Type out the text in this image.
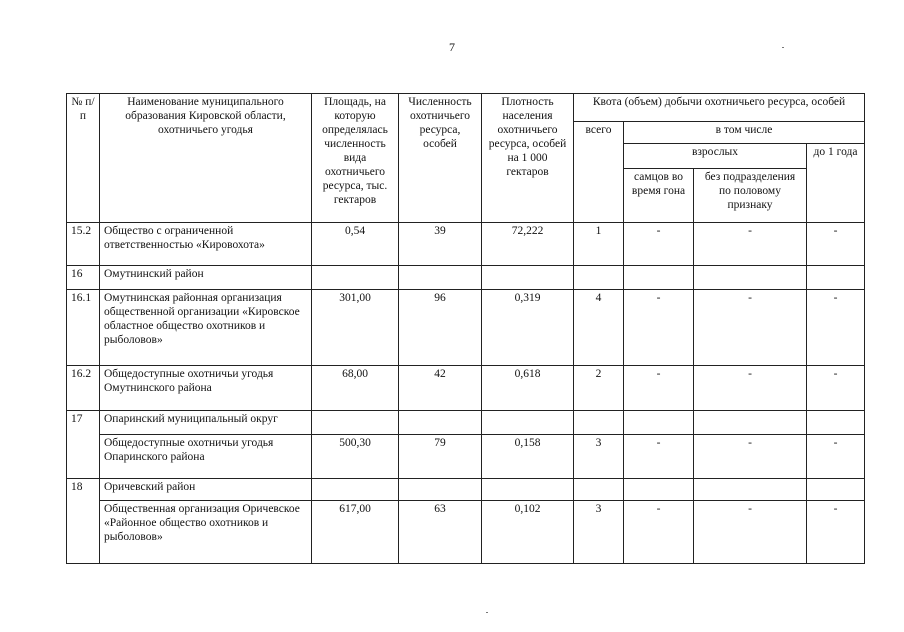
7
№ п/п	Наименование муниципального образования Кировской области, охотничьего угодья	Площадь, на которую определялась численность вида охотничьего ресурса, тыс. гектаров	Численность охотничьего ресурса, особей	Плотность населения охотничьего ресурса, особей на 1 000 гектаров	Квота (объем) добычи охотничьего ресурса, особей			
					всего	в том числе		
						взрослых		до 1 года
						самцов во время гона	без подразделения по половому признаку	
15.2	Общество с ограниченной ответственностью «Кировохота»	0,54	39	72,222	1	-	-	-
16	Омутнинский район							
16.1	Омутнинская районная организация общественной организации «Кировское областное общество охотников и рыболовов»	301,00	96	0,319	4	-	-	-
16.2	Общедоступные охотничьи угодья Омутнинского района	68,00	42	0,618	2	-	-	-
17	Опаринский муниципальный округ							
	Общедоступные охотничьи угодья Опаринского района	500,30	79	0,158	3	-	-	-
18	Оричевский район							
	Общественная организация Оричевское «Районное общество охотников и рыболовов»	617,00	63	0,102	3	-	-	-
